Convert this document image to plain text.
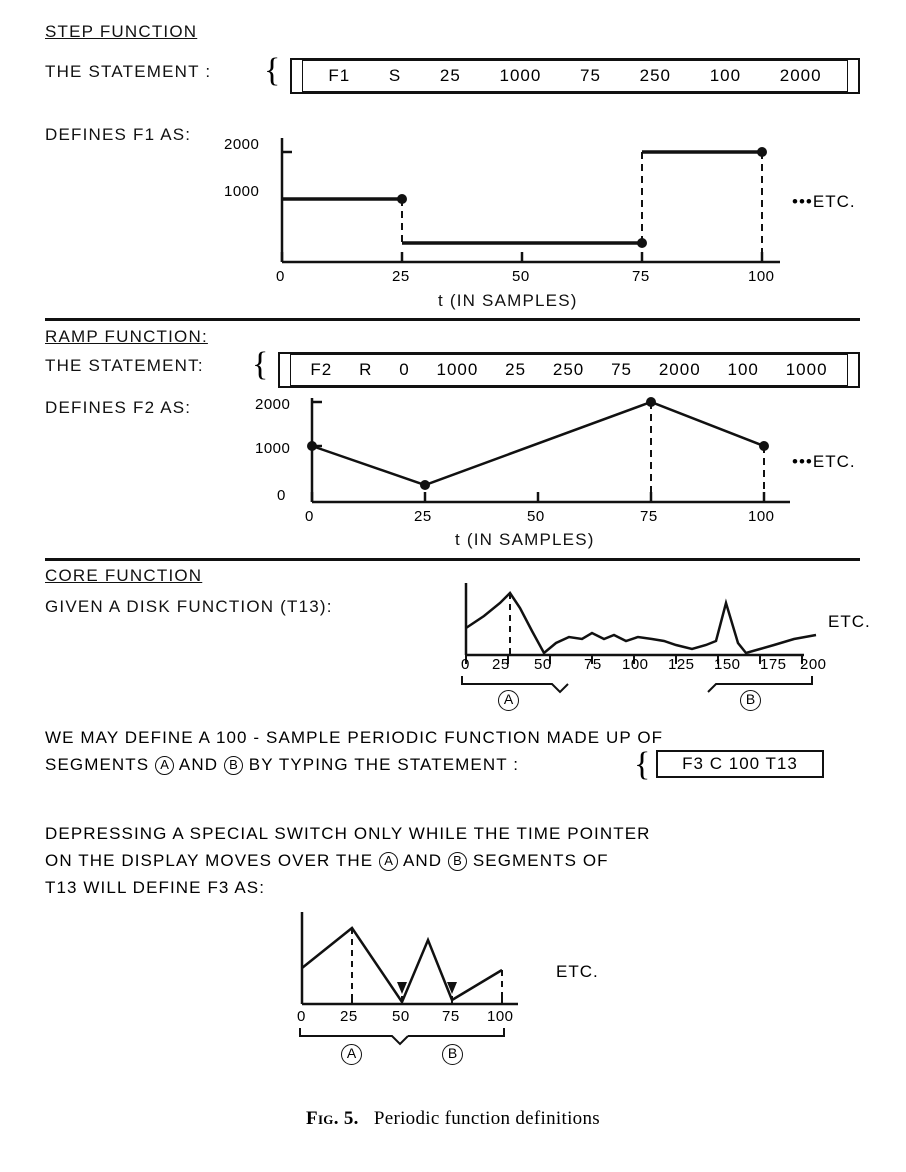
STEP FUNCTION
THE STATEMENT : {	F1 S 25 1000 75 250 100 2000
DEFINES F1 AS:
2000
1000
0	25	50	75	100
t (IN SAMPLES)
•••ETC.
RAMP FUNCTION:
THE STATEMENT: { F2 R 0 1000 25 250 75 2000 100 1000
DEFINES F2 AS:	2000
1000
0
0	25	50	75	100
t (IN SAMPLES)
•••ETC.
CORE FUNCTION
GIVEN A DISK FUNCTION (T13):
ETC.
0 25 50 75 100 125 150 175 200
A	B
WE MAY DEFINE A 100 - SAMPLE PERIODIC FUNCTION MADE UP OF
SEGMENTS A AND B BY TYPING THE STATEMENT :	{ F3 C 100 T13
DEPRESSING A SPECIAL SWITCH ONLY WHILE THE TIME POINTER
ON THE DISPLAY MOVES OVER THE A AND B SEGMENTS OF
T13 WILL DEFINE F3 AS:
0 25 50 75 100
ETC.
A	B
Fig. 5. Periodic function definitions
